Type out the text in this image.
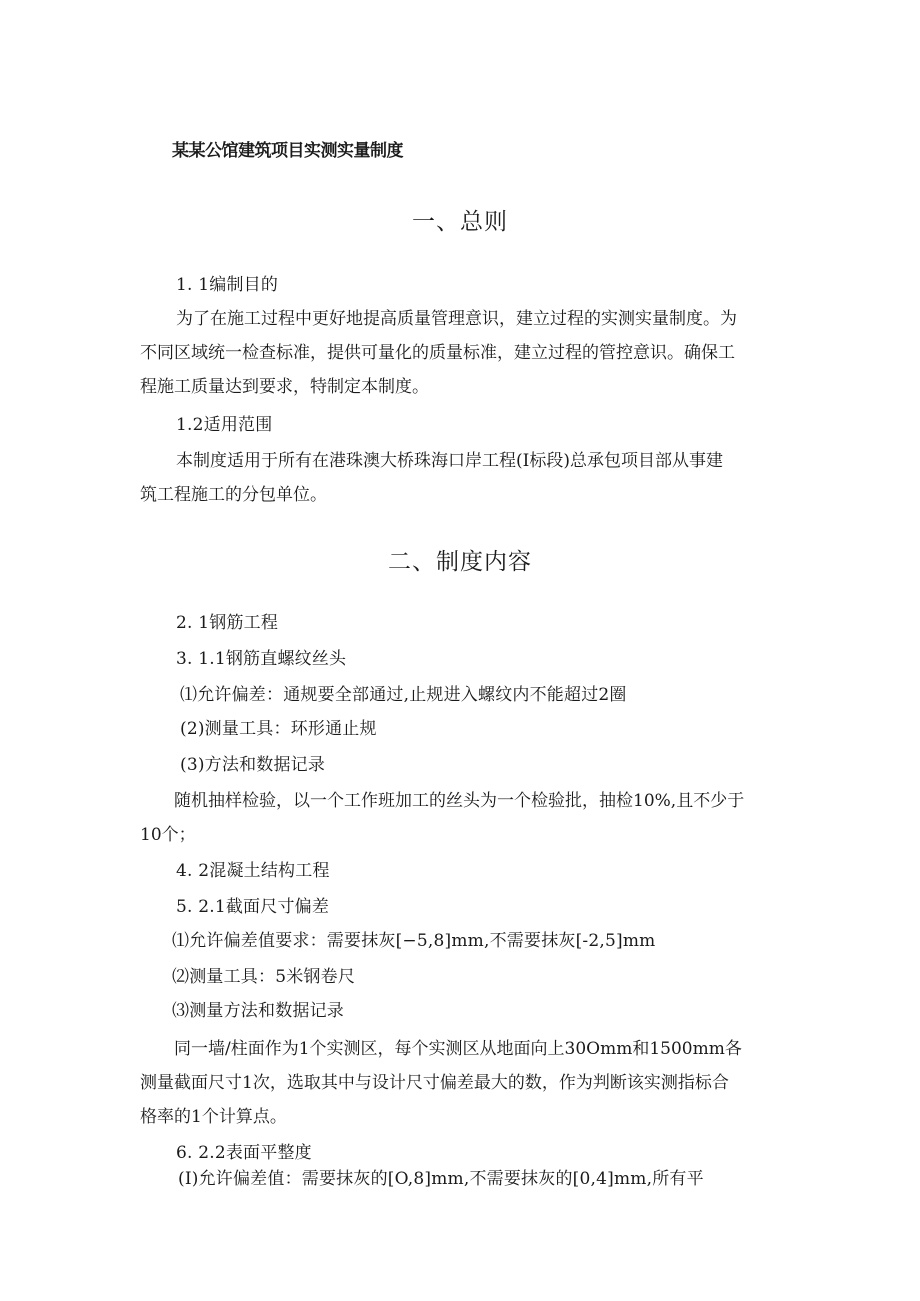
某某公馆建筑项目实测实量制度
一、总则
1. 1编制目的
为了在施工过程中更好地提高质量管理意识，建立过程的实测实量制度。为
不同区域统一检查标准，提供可量化的质量标准，建立过程的管控意识。确保工
程施工质量达到要求，特制定本制度。
1.2适用范围
本制度适用于所有在港珠澳大桥珠海口岸工程(I标段)总承包项目部从事建
筑工程施工的分包单位。
二、制度内容
2. 1钢筋工程
3. 1.1钢筋直螺纹丝头
⑴允许偏差：通规要全部通过,止规进入螺纹内不能超过2圈
(2)测量工具：环形通止规
(3)方法和数据记录
随机抽样检验，以一个工作班加工的丝头为一个检验批，抽检10%,且不少于
10个；
4. 2混凝土结构工程
5. 2.1截面尺寸偏差
⑴允许偏差值要求：需要抹灰[−5,8]mm,不需要抹灰[-2,5]mm
⑵测量工具：5米钢卷尺
⑶测量方法和数据记录
同一墙/柱面作为1个实测区，每个实测区从地面向上30Omm和1500mm各
测量截面尺寸1次，选取其中与设计尺寸偏差最大的数，作为判断该实测指标合
格率的1个计算点。
6. 2.2表面平整度
(I)允许偏差值：需要抹灰的[O,8]mm,不需要抹灰的[0,4]mm,所有平
